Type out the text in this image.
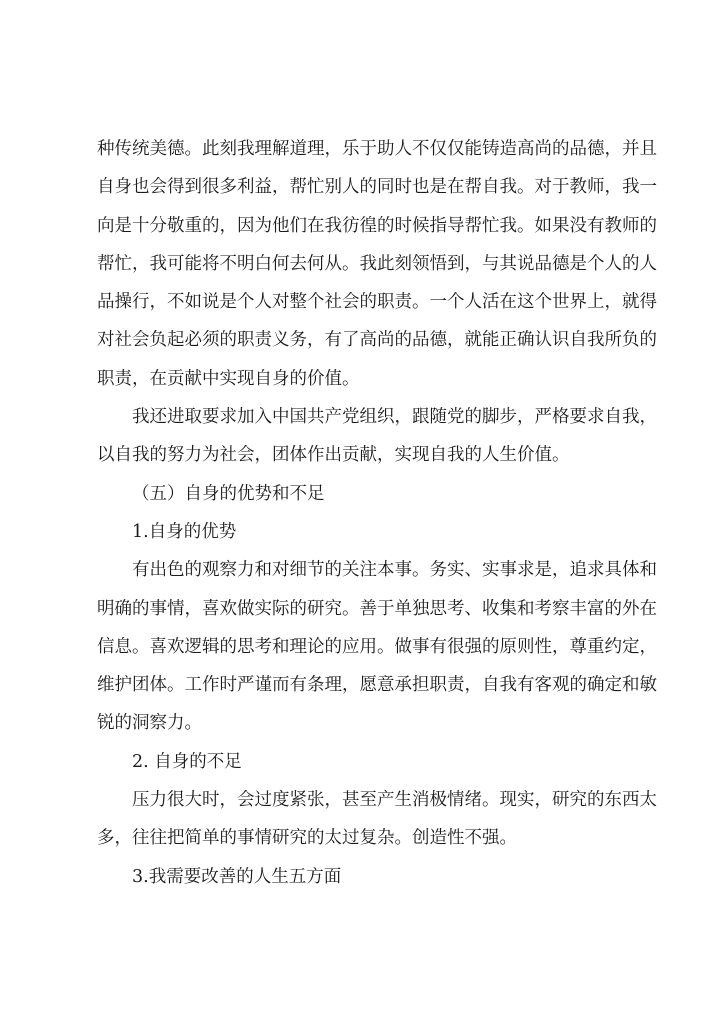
种传统美德。此刻我理解道理，乐于助人不仅仅能铸造高尚的品德，并且
自身也会得到很多利益，帮忙别人的同时也是在帮自我。对于教师，我一
向是十分敬重的，因为他们在我彷徨的时候指导帮忙我。如果没有教师的
帮忙，我可能将不明白何去何从。我此刻领悟到，与其说品德是个人的人
品操行，不如说是个人对整个社会的职责。一个人活在这个世界上，就得
对社会负起必须的职责义务，有了高尚的品德，就能正确认识自我所负的
职责，在贡献中实现自身的价值。
我还进取要求加入中国共产党组织，跟随党的脚步，严格要求自我，
以自我的努力为社会，团体作出贡献，实现自我的人生价值。
（五）自身的优势和不足
1.自身的优势
有出色的观察力和对细节的关注本事。务实、实事求是，追求具体和
明确的事情，喜欢做实际的研究。善于单独思考、收集和考察丰富的外在
信息。喜欢逻辑的思考和理论的应用。做事有很强的原则性，尊重约定，
维护团体。工作时严谨而有条理，愿意承担职责，自我有客观的确定和敏
锐的洞察力。
2. 自身的不足
压力很大时，会过度紧张，甚至产生消极情绪。现实，研究的东西太
多，往往把简单的事情研究的太过复杂。创造性不强。
3.我需要改善的人生五方面
